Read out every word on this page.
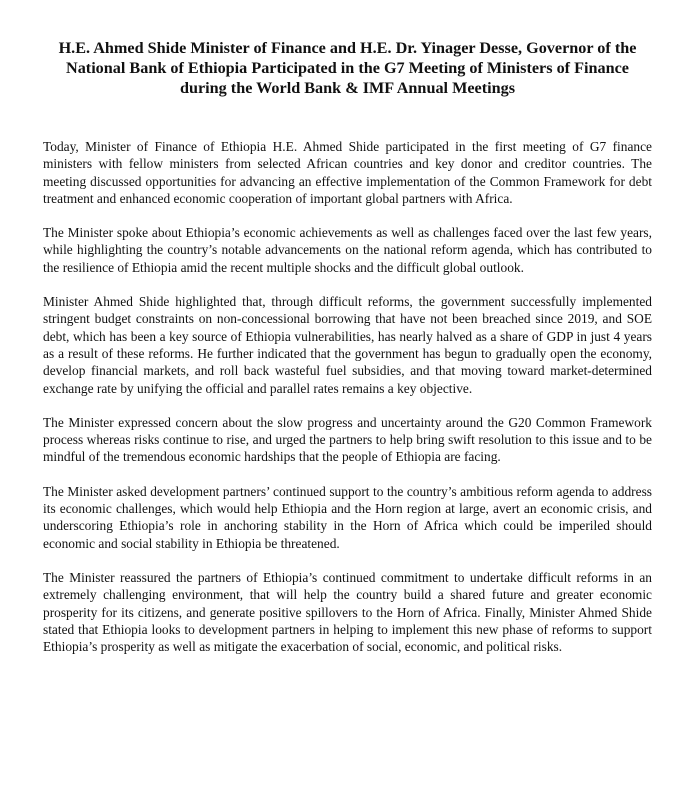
H.E. Ahmed Shide Minister of Finance and H.E. Dr. Yinager Desse, Governor of the National Bank of Ethiopia Participated in the G7 Meeting of Ministers of Finance during the World Bank & IMF Annual Meetings

Today, Minister of Finance of Ethiopia H.E. Ahmed Shide participated in the first meeting of G7 finance ministers with fellow ministers from selected African countries and key donor and creditor countries. The meeting discussed opportunities for advancing an effective implementation of the Common Framework for debt treatment and enhanced economic cooperation of important global partners with Africa.

The Minister spoke about Ethiopia’s economic achievements as well as challenges faced over the last few years, while highlighting the country’s notable advancements on the national reform agenda, which has contributed to the resilience of Ethiopia amid the recent multiple shocks and the difficult global outlook.

Minister Ahmed Shide highlighted that, through difficult reforms, the government successfully implemented stringent budget constraints on non-concessional borrowing that have not been breached since 2019, and SOE debt, which has been a key source of Ethiopia vulnerabilities, has nearly halved as a share of GDP in just 4 years as a result of these reforms. He further indicated that the government has begun to gradually open the economy, develop financial markets, and roll back wasteful fuel subsidies, and that moving toward market-determined exchange rate by unifying the official and parallel rates remains a key objective.

The Minister expressed concern about the slow progress and uncertainty around the G20 Common Framework process whereas risks continue to rise, and urged the partners to help bring swift resolution to this issue and to be mindful of the tremendous economic hardships that the people of Ethiopia are facing.

The Minister asked development partners’ continued support to the country’s ambitious reform agenda to address its economic challenges, which would help Ethiopia and the Horn region at large, avert an economic crisis, and underscoring Ethiopia’s role in anchoring stability in the Horn of Africa which could be imperiled should economic and social stability in Ethiopia be threatened.

The Minister reassured the partners of Ethiopia’s continued commitment to undertake difficult reforms in an extremely challenging environment, that will help the country build a shared future and greater economic prosperity for its citizens, and generate positive spillovers to the Horn of Africa. Finally, Minister Ahmed Shide stated that Ethiopia looks to development partners in helping to implement this new phase of reforms to support Ethiopia’s prosperity as well as mitigate the exacerbation of social, economic, and political risks.
